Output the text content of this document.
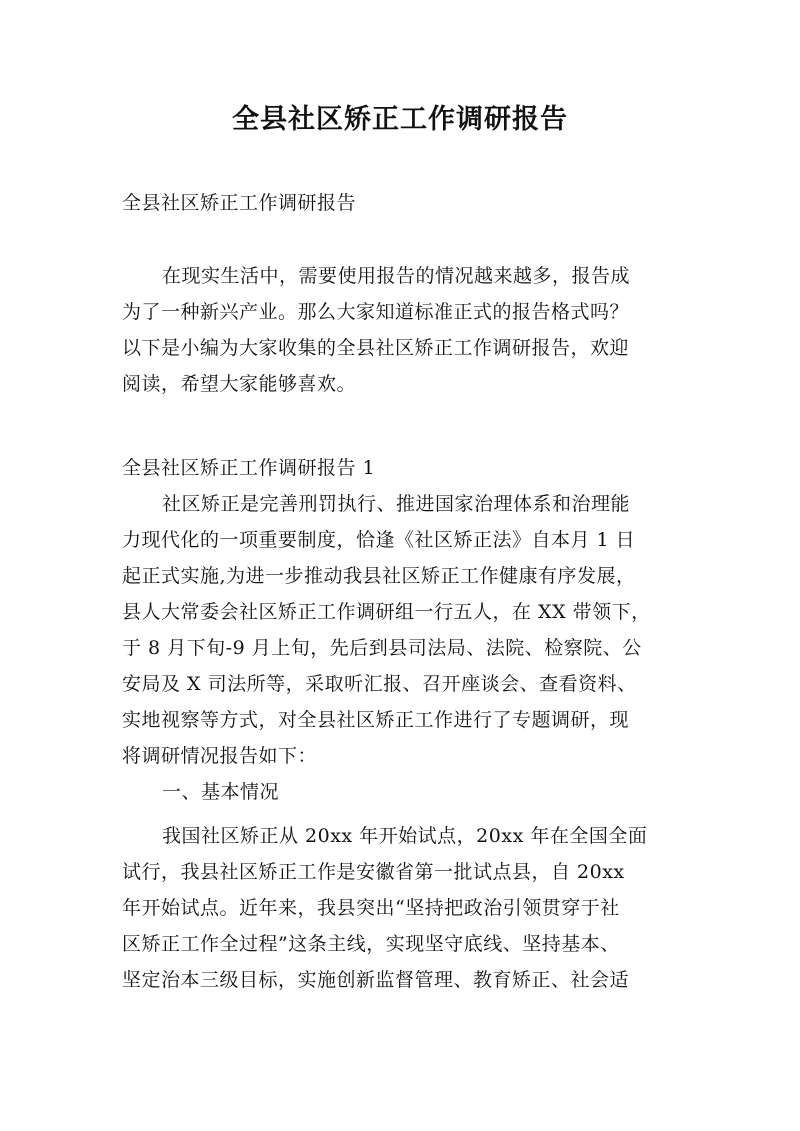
全县社区矫正工作调研报告
全县社区矫正工作调研报告
在现实生活中，需要使用报告的情况越来越多，报告成
为了一种新兴产业。那么大家知道标准正式的报告格式吗？
以下是小编为大家收集的全县社区矫正工作调研报告，欢迎
阅读，希望大家能够喜欢。
全县社区矫正工作调研报告 1
社区矫正是完善刑罚执行、推进国家治理体系和治理能
力现代化的一项重要制度，恰逢《社区矫正法》自本月 1 日
起正式实施,为进一步推动我县社区矫正工作健康有序发展，
县人大常委会社区矫正工作调研组一行五人，在 XX 带领下，
于 8 月下旬-9 月上旬，先后到县司法局、法院、检察院、公
安局及 X 司法所等，采取听汇报、召开座谈会、查看资料、
实地视察等方式，对全县社区矫正工作进行了专题调研，现
将调研情况报告如下：
一、基本情况
我国社区矫正从 20xx 年开始试点，20xx 年在全国全面
试行，我县社区矫正工作是安徽省第一批试点县，自 20xx
年开始试点。近年来，我县突出“坚持把政治引领贯穿于社
区矫正工作全过程”这条主线，实现坚守底线、坚持基本、
坚定治本三级目标，实施创新监督管理、教育矫正、社会适
